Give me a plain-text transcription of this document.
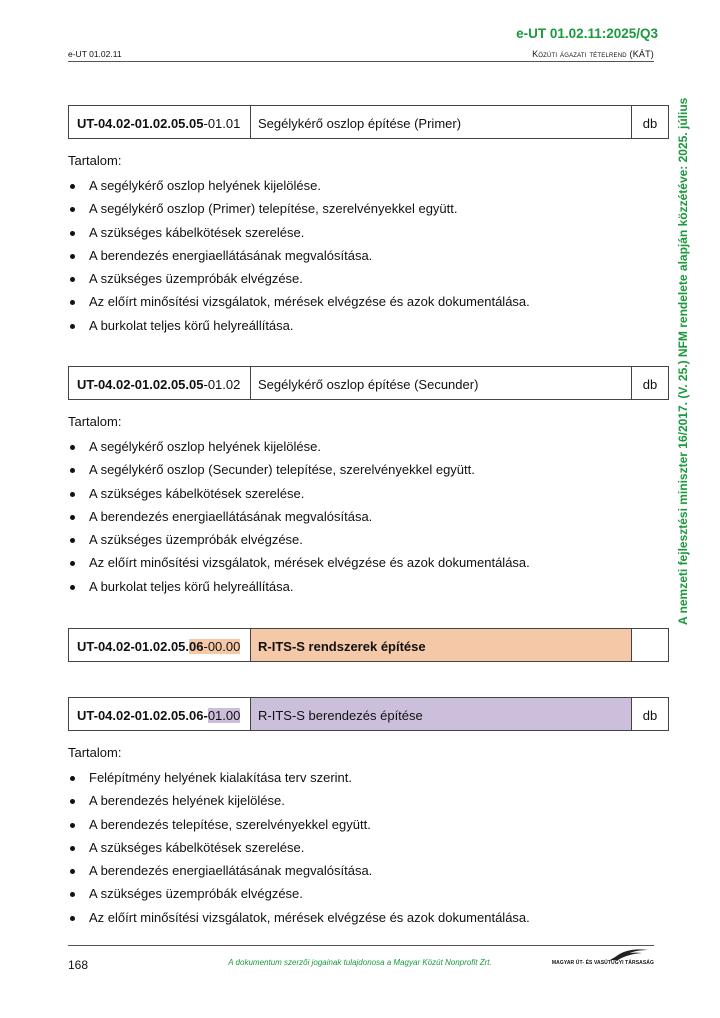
e-UT 01.02.11:2025/Q3
e-UT 01.02.11	Közúti ágazati tételrend (KÁT)
A nemzeti fejlesztési miniszter 16/2017. (V. 25.) NFM rendelete alapján közzétéve: 2025. július
UT-04.02-01.02.05.05 -01.01	Segélykérő oszlop építése (Primer)	db
Tartalom:
A segélykérő oszlop helyének kijelölése.
A segélykérő oszlop (Primer) telepítése, szerelvényekkel együtt.
A szükséges kábelkötések szerelése.
A berendezés energiaellátásának megvalósítása.
A szükséges üzempróbák elvégzése.
Az előírt minősítési vizsgálatok, mérések elvégzése és azok dokumentálása.
A burkolat teljes körű helyreállítása.
UT-04.02-01.02.05.05 -01.02	Segélykérő oszlop építése (Secunder)	db
Tartalom:
A segélykérő oszlop helyének kijelölése.
A segélykérő oszlop (Secunder) telepítése, szerelvényekkel együtt.
A szükséges kábelkötések szerelése.
A berendezés energiaellátásának megvalósítása.
A szükséges üzempróbák elvégzése.
Az előírt minősítési vizsgálatok, mérések elvégzése és azok dokumentálása.
A burkolat teljes körű helyreállítása.
UT-04.02-01.02.05. 06 -00.00	R-ITS-S rendszerek építése
UT-04.02-01.02.05.06- 01.00	R-ITS-S berendezés építése	db
Tartalom:
Felépítmény helyének kialakítása terv szerint.
A berendezés helyének kijelölése.
A berendezés telepítése, szerelvényekkel együtt.
A szükséges kábelkötések szerelése.
A berendezés energiaellátásának megvalósítása.
A szükséges üzempróbák elvégzése.
Az előírt minősítési vizsgálatok, mérések elvégzése és azok dokumentálása.
168	A dokumentum szerzői jogainak tulajdonosa a Magyar Közút Nonprofit Zrt.	MAGYAR ÚT- ÉS VASÚTÜGYI TÁRSASÁG
